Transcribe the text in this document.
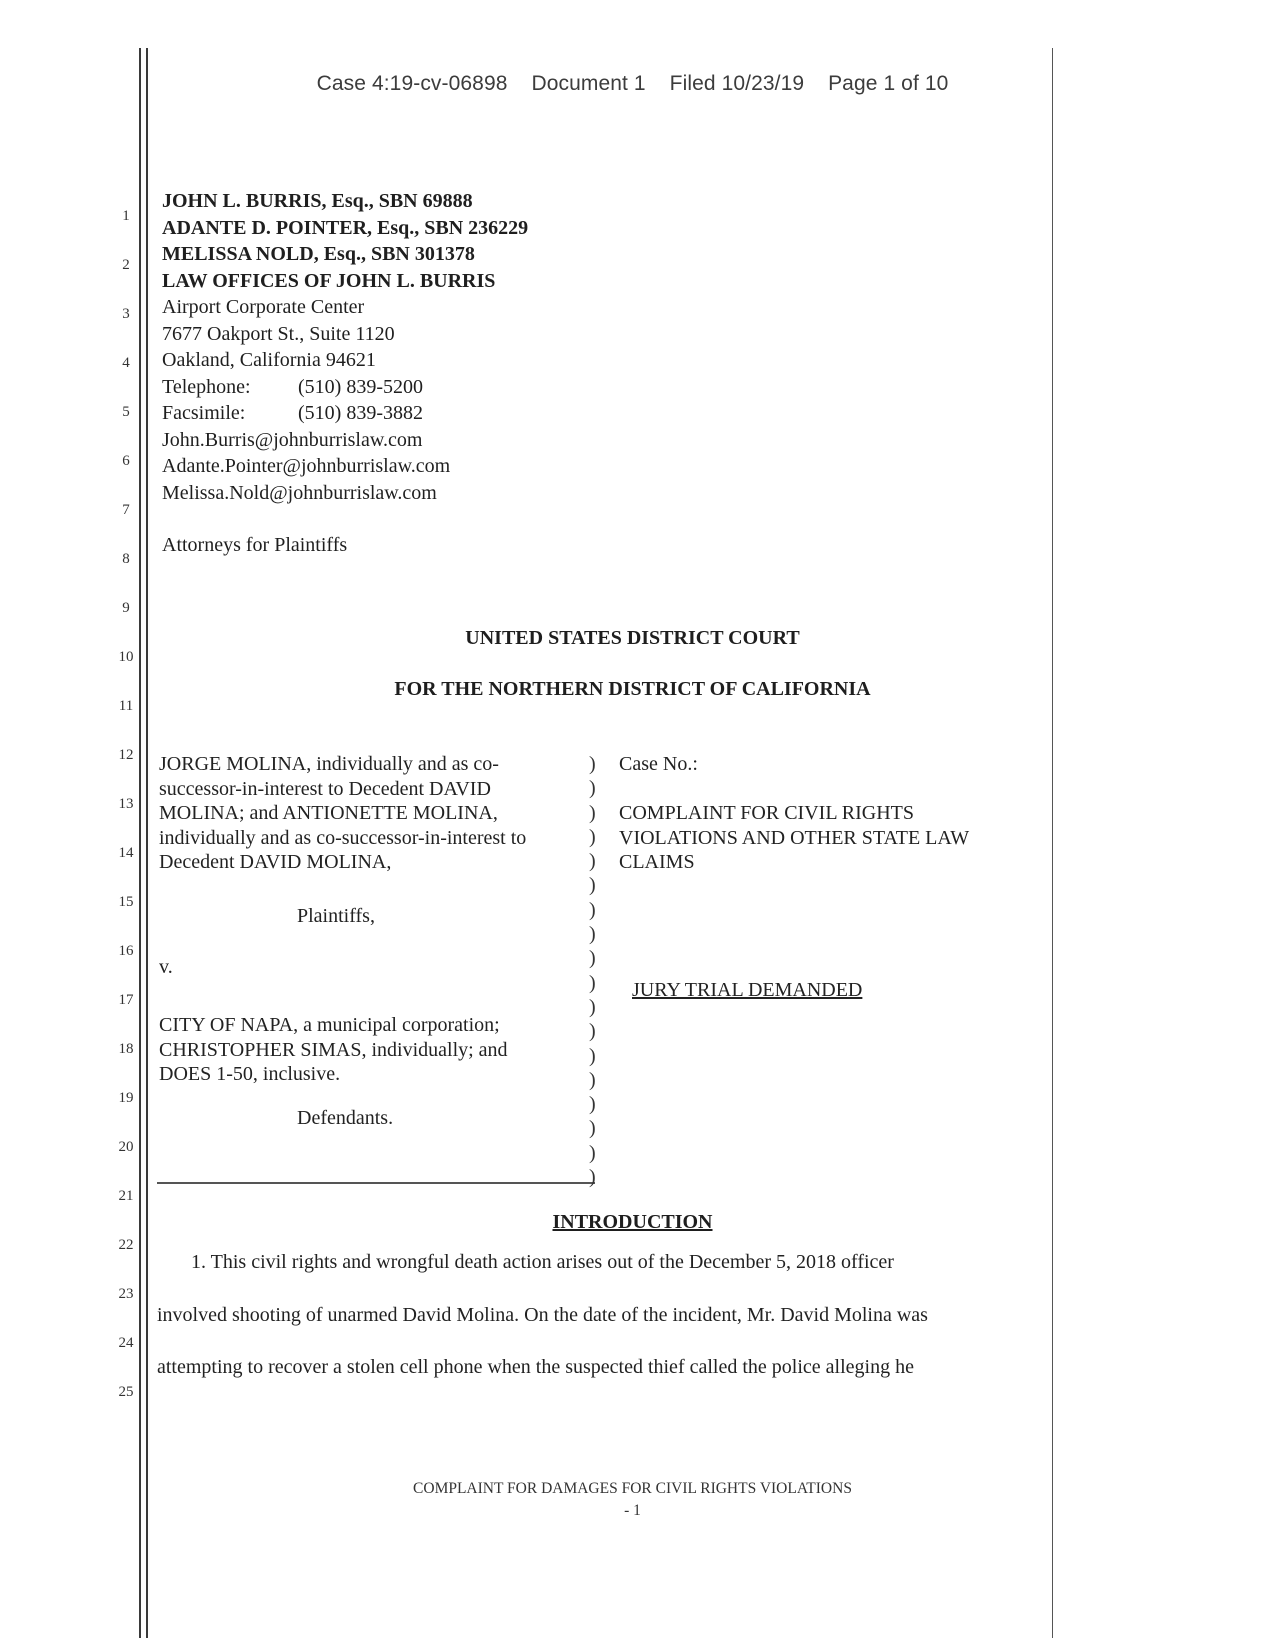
Case 4:19-cv-06898 Document 1 Filed 10/23/19 Page 1 of 10
1
2
3
4
5
6
7
8
9
10
11
12
13
14
15
16
17
18
19
20
21
22
23
24
25
JOHN L. BURRIS, Esq., SBN 69888
ADANTE D. POINTER, Esq., SBN 236229
MELISSA NOLD, Esq., SBN 301378
LAW OFFICES OF JOHN L. BURRIS
Airport Corporate Center
7677 Oakport St., Suite 1120
Oakland, California 94621
Telephone: (510) 839-5200
Facsimile:	(510) 839-3882
John.Burris@johnburrislaw.com
Adante.Pointer@johnburrislaw.com
Melissa.Nold@johnburrislaw.com
Attorneys for Plaintiffs
UNITED STATES DISTRICT COURT
FOR THE NORTHERN DISTRICT OF CALIFORNIA
JORGE MOLINA, individually and as co-
successor-in-interest to Decedent DAVID
MOLINA; and ANTIONETTE MOLINA,
individually and as co-successor-in-interest to
Decedent DAVID MOLINA,
Plaintiffs,
v.
CITY OF NAPA, a municipal corporation;
CHRISTOPHER SIMAS, individually; and
DOES 1-50, inclusive.
Defendants.
)
)
)
)
)
)
)
)
)
)
)
)
)
)
)
)
)
)
Case No.:
COMPLAINT FOR CIVIL RIGHTS
VIOLATIONS AND OTHER STATE LAW
CLAIMS
JURY TRIAL DEMANDED
INTRODUCTION
1. This civil rights and wrongful death action arises out of the December 5, 2018 officer
involved shooting of unarmed David Molina. On the date of the incident, Mr. David Molina was
attempting to recover a stolen cell phone when the suspected thief called the police alleging he
COMPLAINT FOR DAMAGES FOR CIVIL RIGHTS VIOLATIONS
- 1
